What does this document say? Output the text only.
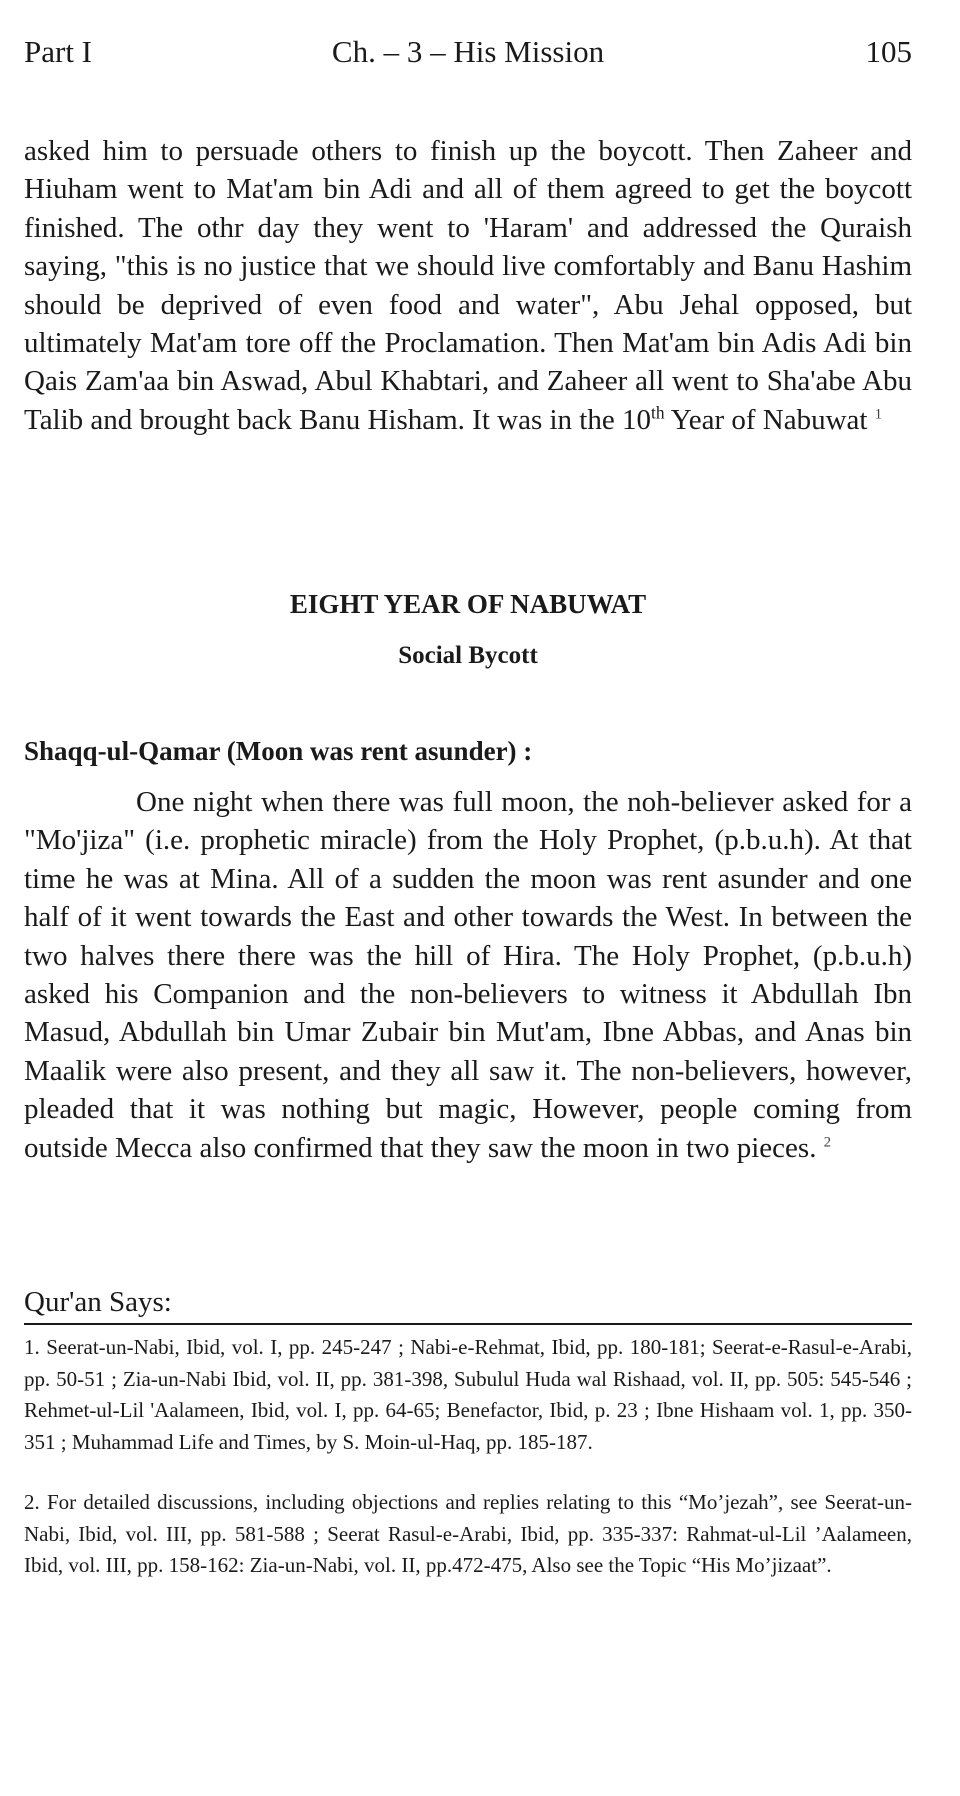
Part I	Ch. – 3 – His Mission	105

asked him to persuade others to finish up the boycott. Then Zaheer and Hiuham went to Mat'am bin Adi and all of them agreed to get the boycott finished. The othr day they went to 'Haram' and addressed the Quraish saying, "this is no justice that we should live comfortably and Banu Hashim should be deprived of even food and water", Abu Jehal opposed, but ultimately Mat'am tore off the Proclamation. Then Mat'am bin Adis Adi bin Qais Zam'aa bin Aswad, Abul Khabtari, and Zaheer all went to Sha'abe Abu Talib and brought back Banu Hisham. It was in the 10th Year of Nabuwat $^1$

EIGHT YEAR OF NABUWAT
Social Bycott
Shaqq-ul-Qamar (Moon was rent asunder) :

One night when there was full moon, the noh-believer asked for a "Mo'jiza" (i.e. prophetic miracle) from the Holy Prophet, (p.b.u.h). At that time he was at Mina. All of a sudden the moon was rent asunder and one half of it went towards the East and other towards the West. In between the two halves there there was the hill of Hira. The Holy Prophet, (p.b.u.h) asked his Companion and the non-believers to witness it Abdullah Ibn Masud, Abdullah bin Umar Zubair bin Mut'am, Ibne Abbas, and Anas bin Maalik were also present, and they all saw it. The non-believers, however, pleaded that it was nothing but magic, However, people coming from outside Mecca also confirmed that they saw the moon in two pieces. $^2$

Qur'an Says:

1. Seerat-un-Nabi, Ibid, vol. I, pp. 245-247 ; Nabi-e-Rehmat, Ibid, pp. 180-181; Seerat-e-Rasul-e-Arabi, pp. 50-51 ; Zia-un-Nabi Ibid, vol. II, pp. 381-398, Subulul Huda wal Rishaad, vol. II, pp. 505: 545-546 ; Rehmet-ul-Lil 'Aalameen, Ibid, vol. I, pp. 64-65; Benefactor, Ibid, p. 23 ; Ibne Hishaam vol. 1, pp. 350-351 ; Muhammad Life and Times, by S. Moin-ul-Haq, pp. 185-187.

2. For detailed discussions, including objections and replies relating to this “Mo’jezah”, see Seerat-un-Nabi, Ibid, vol. III, pp. 581-588 ; Seerat Rasul-e-Arabi, Ibid, pp. 335-337: Rahmat-ul-Lil ’Aalameen, Ibid, vol. III, pp. 158-162: Zia-un-Nabi, vol. II, pp.472-475, Also see the Topic “His Mo’jizaat”.
